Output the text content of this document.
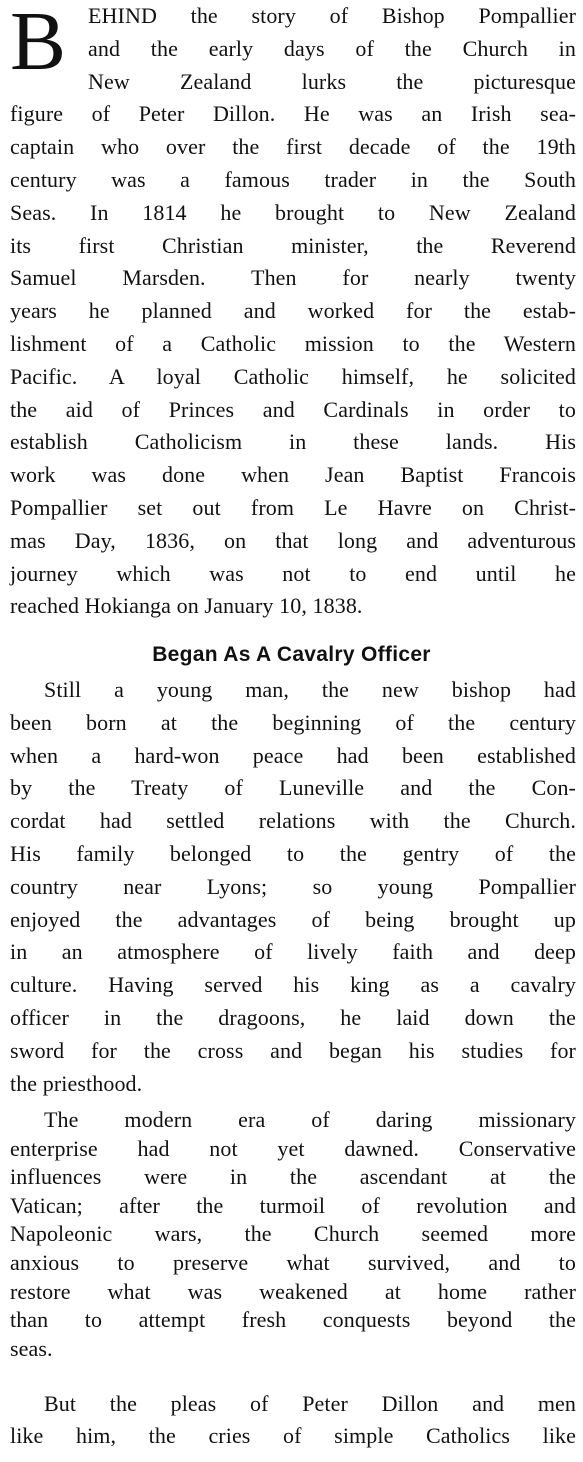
B EHIND the story of Bishop Pompallier
and the early days of the Church in
New Zealand lurks the picturesque
figure of Peter Dillon. He was an Irish sea-
captain who over the first decade of the 19th
century was a famous trader in the South
Seas. In 1814 he brought to New Zealand
its first Christian minister, the Reverend
Samuel Marsden. Then for nearly twenty
years he planned and worked for the estab-
lishment of a Catholic mission to the Western
Pacific. A loyal Catholic himself, he solicited
the aid of Princes and Cardinals in order to
establish Catholicism in these lands. His
work was done when Jean Baptist Francois
Pompallier set out from Le Havre on Christ-
mas Day, 1836, on that long and adventurous
journey which was not to end until he
reached Hokianga on January 10, 1838.
Began As A Cavalry Officer
Still a young man, the new bishop had
been born at the beginning of the century
when a hard-won peace had been established
by the Treaty of Luneville and the Con-
cordat had settled relations with the Church.
His family belonged to the gentry of the
country near Lyons; so young Pompallier
enjoyed the advantages of being brought up
in an atmosphere of lively faith and deep
culture. Having served his king as a cavalry
officer in the dragoons, he laid down the
sword for the cross and began his studies for
the priesthood.
The modern era of daring missionary
enterprise had not yet dawned. Conservative
influences were in the ascendant at the
Vatican; after the turmoil of revolution and
Napoleonic wars, the Church seemed more
anxious to preserve what survived, and to
restore what was weakened at home rather
than to attempt fresh conquests beyond the
seas.
But the pleas of Peter Dillon and men
like him, the cries of simple Catholics like
